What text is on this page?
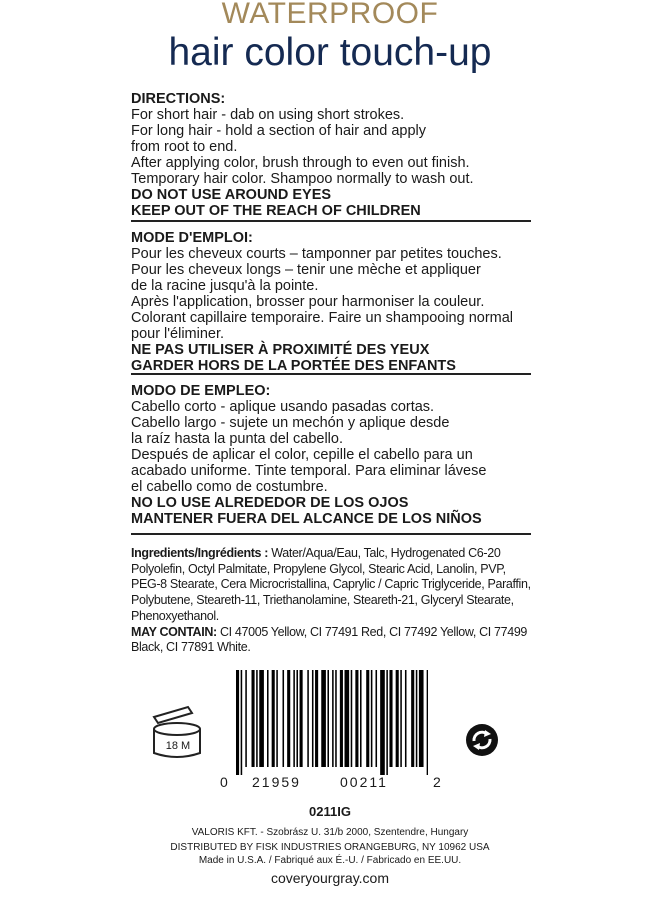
WATERPROOF
hair color touch-up

DIRECTIONS:

For short hair - dab on using short strokes.

For long hair - hold a section of hair and apply

from root to end.

After applying color, brush through to even out finish.

Temporary hair color. Shampoo normally to wash out.

DO NOT USE AROUND EYES

KEEP OUT OF THE REACH OF CHILDREN

MODE D'EMPLOI:

Pour les cheveux courts – tamponner par petites touches.

Pour les cheveux longs – tenir une mèche et appliquer

de la racine jusqu'à la pointe.

Après l'application, brosser pour harmoniser la couleur.

Colorant capillaire temporaire. Faire un shampooing normal

pour l'éliminer.

NE PAS UTILISER À PROXIMITÉ DES YEUX

GARDER HORS DE LA PORTÉE DES ENFANTS

MODO DE EMPLEO:

Cabello corto - aplique usando pasadas cortas.

Cabello largo - sujete un mechón y aplique desde

la raíz hasta la punta del cabello.

Después de aplicar el color, cepille el cabello para un

acabado uniforme. Tinte temporal. Para eliminar lávese

el cabello como de costumbre.

NO LO USE ALREDEDOR DE LOS OJOS

MANTENER FUERA DEL ALCANCE DE LOS NIÑOS

Ingredients/Ingrédients : Water/Aqua/Eau, Talc, Hydrogenated C6-20

Polyolefin, Octyl Palmitate, Propylene Glycol, Stearic Acid, Lanolin, PVP,

PEG-8 Stearate, Cera Microcristallina, Caprylic / Capric Triglyceride, Paraffin,

Polybutene, Steareth-11, Triethanolamine, Steareth-21, Glyceryl Stearate,

Phenoxyethanol.

MAY CONTAIN: CI 47005 Yellow, CI 77491 Red, CI 77492 Yellow, CI 77499

Black, CI 77891 White.

18 M
0 21959	00211	2
0211IG
VALORIS KFT. - Szobrász U. 31/b 2000, Szentendre, Hungary
DISTRIBUTED BY FISK INDUSTRIES ORANGEBURG, NY 10962 USA
Made in U.S.A. / Fabriqué aux É.-U. / Fabricado en EE.UU.
coveryourgray.com
